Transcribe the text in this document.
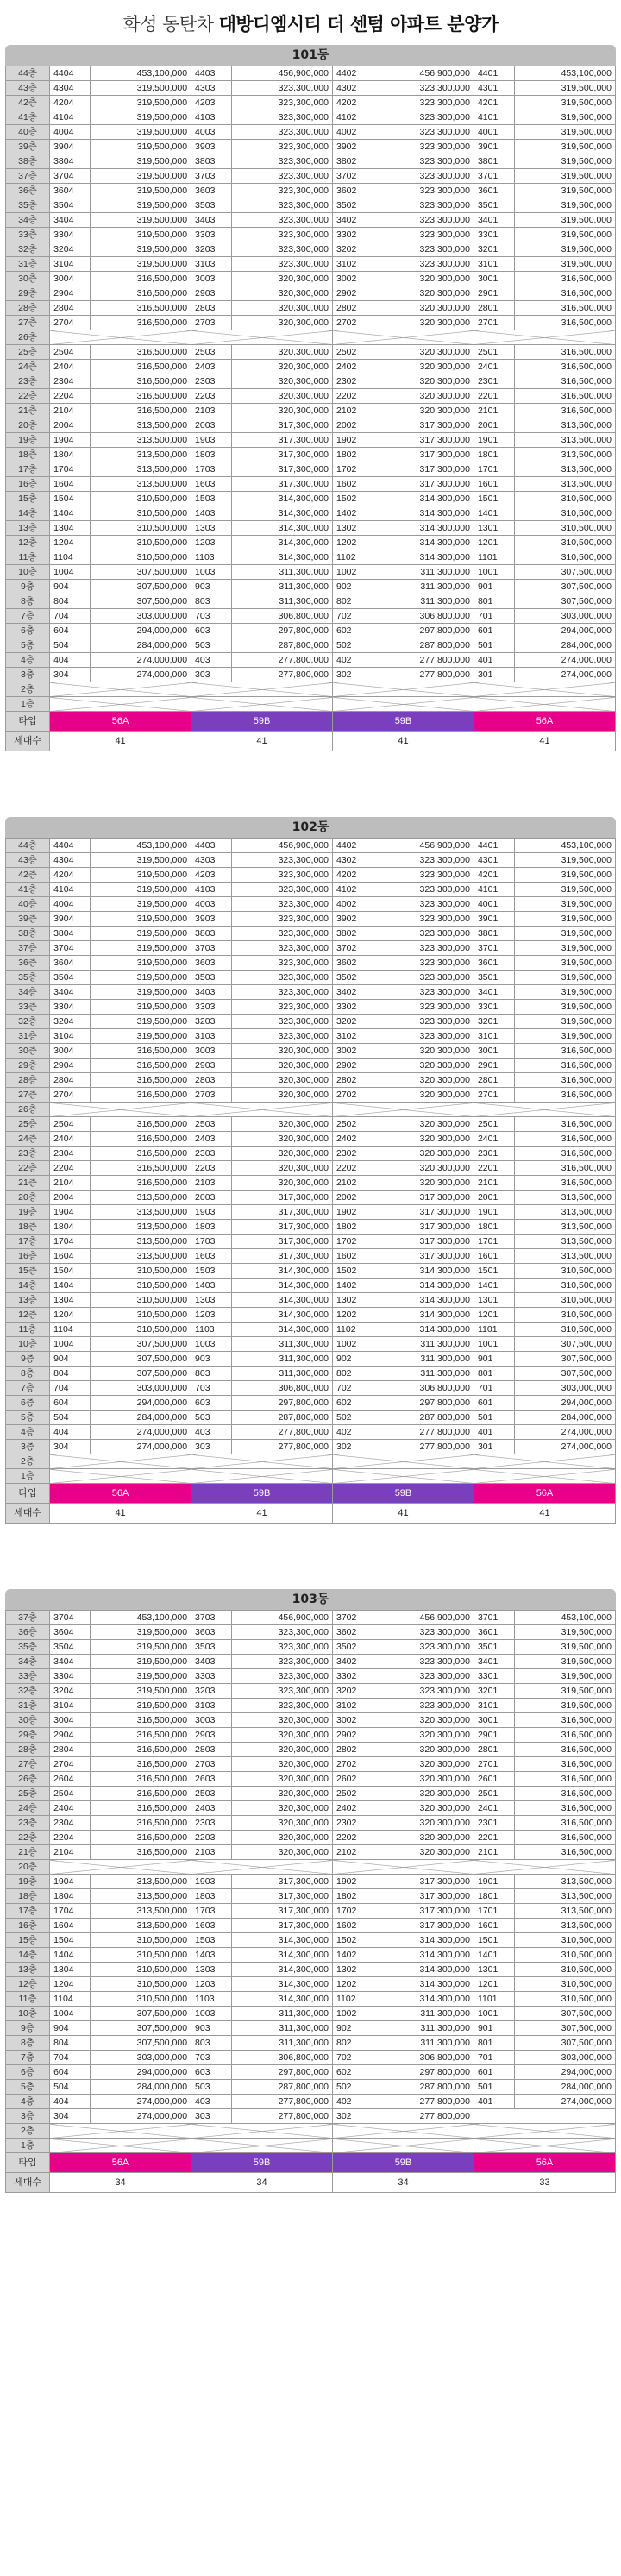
화성 동탄차 대방디엠시티 더 센텀 아파트 분양가
101동
44층	4404	453,100,000	4403	456,900,000	4402	456,900,000	4401	453,100,000
43층	4304	319,500,000	4303	323,300,000	4302	323,300,000	4301	319,500,000
42층	4204	319,500,000	4203	323,300,000	4202	323,300,000	4201	319,500,000
41층	4104	319,500,000	4103	323,300,000	4102	323,300,000	4101	319,500,000
40층	4004	319,500,000	4003	323,300,000	4002	323,300,000	4001	319,500,000
39층	3904	319,500,000	3903	323,300,000	3902	323,300,000	3901	319,500,000
38층	3804	319,500,000	3803	323,300,000	3802	323,300,000	3801	319,500,000
37층	3704	319,500,000	3703	323,300,000	3702	323,300,000	3701	319,500,000
36층	3604	319,500,000	3603	323,300,000	3602	323,300,000	3601	319,500,000
35층	3504	319,500,000	3503	323,300,000	3502	323,300,000	3501	319,500,000
34층	3404	319,500,000	3403	323,300,000	3402	323,300,000	3401	319,500,000
33층	3304	319,500,000	3303	323,300,000	3302	323,300,000	3301	319,500,000
32층	3204	319,500,000	3203	323,300,000	3202	323,300,000	3201	319,500,000
31층	3104	319,500,000	3103	323,300,000	3102	323,300,000	3101	319,500,000
30층	3004	316,500,000	3003	320,300,000	3002	320,300,000	3001	316,500,000
29층	2904	316,500,000	2903	320,300,000	2902	320,300,000	2901	316,500,000
28층	2804	316,500,000	2803	320,300,000	2802	320,300,000	2801	316,500,000
27층	2704	316,500,000	2703	320,300,000	2702	320,300,000	2701	316,500,000
26층								
25층	2504	316,500,000	2503	320,300,000	2502	320,300,000	2501	316,500,000
24층	2404	316,500,000	2403	320,300,000	2402	320,300,000	2401	316,500,000
23층	2304	316,500,000	2303	320,300,000	2302	320,300,000	2301	316,500,000
22층	2204	316,500,000	2203	320,300,000	2202	320,300,000	2201	316,500,000
21층	2104	316,500,000	2103	320,300,000	2102	320,300,000	2101	316,500,000
20층	2004	313,500,000	2003	317,300,000	2002	317,300,000	2001	313,500,000
19층	1904	313,500,000	1903	317,300,000	1902	317,300,000	1901	313,500,000
18층	1804	313,500,000	1803	317,300,000	1802	317,300,000	1801	313,500,000
17층	1704	313,500,000	1703	317,300,000	1702	317,300,000	1701	313,500,000
16층	1604	313,500,000	1603	317,300,000	1602	317,300,000	1601	313,500,000
15층	1504	310,500,000	1503	314,300,000	1502	314,300,000	1501	310,500,000
14층	1404	310,500,000	1403	314,300,000	1402	314,300,000	1401	310,500,000
13층	1304	310,500,000	1303	314,300,000	1302	314,300,000	1301	310,500,000
12층	1204	310,500,000	1203	314,300,000	1202	314,300,000	1201	310,500,000
11층	1104	310,500,000	1103	314,300,000	1102	314,300,000	1101	310,500,000
10층	1004	307,500,000	1003	311,300,000	1002	311,300,000	1001	307,500,000
9층	904	307,500,000	903	311,300,000	902	311,300,000	901	307,500,000
8층	804	307,500,000	803	311,300,000	802	311,300,000	801	307,500,000
7층	704	303,000,000	703	306,800,000	702	306,800,000	701	303,000,000
6층	604	294,000,000	603	297,800,000	602	297,800,000	601	294,000,000
5층	504	284,000,000	503	287,800,000	502	287,800,000	501	284,000,000
4층	404	274,000,000	403	277,800,000	402	277,800,000	401	274,000,000
3층	304	274,000,000	303	277,800,000	302	277,800,000	301	274,000,000
2층								
1층								
타입	56A		59B		59B		56A	
세대수	41		41		41		41	
102동
44층	4404	453,100,000	4403	456,900,000	4402	456,900,000	4401	453,100,000
43층	4304	319,500,000	4303	323,300,000	4302	323,300,000	4301	319,500,000
42층	4204	319,500,000	4203	323,300,000	4202	323,300,000	4201	319,500,000
41층	4104	319,500,000	4103	323,300,000	4102	323,300,000	4101	319,500,000
40층	4004	319,500,000	4003	323,300,000	4002	323,300,000	4001	319,500,000
39층	3904	319,500,000	3903	323,300,000	3902	323,300,000	3901	319,500,000
38층	3804	319,500,000	3803	323,300,000	3802	323,300,000	3801	319,500,000
37층	3704	319,500,000	3703	323,300,000	3702	323,300,000	3701	319,500,000
36층	3604	319,500,000	3603	323,300,000	3602	323,300,000	3601	319,500,000
35층	3504	319,500,000	3503	323,300,000	3502	323,300,000	3501	319,500,000
34층	3404	319,500,000	3403	323,300,000	3402	323,300,000	3401	319,500,000
33층	3304	319,500,000	3303	323,300,000	3302	323,300,000	3301	319,500,000
32층	3204	319,500,000	3203	323,300,000	3202	323,300,000	3201	319,500,000
31층	3104	319,500,000	3103	323,300,000	3102	323,300,000	3101	319,500,000
30층	3004	316,500,000	3003	320,300,000	3002	320,300,000	3001	316,500,000
29층	2904	316,500,000	2903	320,300,000	2902	320,300,000	2901	316,500,000
28층	2804	316,500,000	2803	320,300,000	2802	320,300,000	2801	316,500,000
27층	2704	316,500,000	2703	320,300,000	2702	320,300,000	2701	316,500,000
26층								
25층	2504	316,500,000	2503	320,300,000	2502	320,300,000	2501	316,500,000
24층	2404	316,500,000	2403	320,300,000	2402	320,300,000	2401	316,500,000
23층	2304	316,500,000	2303	320,300,000	2302	320,300,000	2301	316,500,000
22층	2204	316,500,000	2203	320,300,000	2202	320,300,000	2201	316,500,000
21층	2104	316,500,000	2103	320,300,000	2102	320,300,000	2101	316,500,000
20층	2004	313,500,000	2003	317,300,000	2002	317,300,000	2001	313,500,000
19층	1904	313,500,000	1903	317,300,000	1902	317,300,000	1901	313,500,000
18층	1804	313,500,000	1803	317,300,000	1802	317,300,000	1801	313,500,000
17층	1704	313,500,000	1703	317,300,000	1702	317,300,000	1701	313,500,000
16층	1604	313,500,000	1603	317,300,000	1602	317,300,000	1601	313,500,000
15층	1504	310,500,000	1503	314,300,000	1502	314,300,000	1501	310,500,000
14층	1404	310,500,000	1403	314,300,000	1402	314,300,000	1401	310,500,000
13층	1304	310,500,000	1303	314,300,000	1302	314,300,000	1301	310,500,000
12층	1204	310,500,000	1203	314,300,000	1202	314,300,000	1201	310,500,000
11층	1104	310,500,000	1103	314,300,000	1102	314,300,000	1101	310,500,000
10층	1004	307,500,000	1003	311,300,000	1002	311,300,000	1001	307,500,000
9층	904	307,500,000	903	311,300,000	902	311,300,000	901	307,500,000
8층	804	307,500,000	803	311,300,000	802	311,300,000	801	307,500,000
7층	704	303,000,000	703	306,800,000	702	306,800,000	701	303,000,000
6층	604	294,000,000	603	297,800,000	602	297,800,000	601	294,000,000
5층	504	284,000,000	503	287,800,000	502	287,800,000	501	284,000,000
4층	404	274,000,000	403	277,800,000	402	277,800,000	401	274,000,000
3층	304	274,000,000	303	277,800,000	302	277,800,000	301	274,000,000
2층								
1층								
타입	56A		59B		59B		56A	
세대수	41		41		41		41	
103동
37층	3704	453,100,000	3703	456,900,000	3702	456,900,000	3701	453,100,000
36층	3604	319,500,000	3603	323,300,000	3602	323,300,000	3601	319,500,000
35층	3504	319,500,000	3503	323,300,000	3502	323,300,000	3501	319,500,000
34층	3404	319,500,000	3403	323,300,000	3402	323,300,000	3401	319,500,000
33층	3304	319,500,000	3303	323,300,000	3302	323,300,000	3301	319,500,000
32층	3204	319,500,000	3203	323,300,000	3202	323,300,000	3201	319,500,000
31층	3104	319,500,000	3103	323,300,000	3102	323,300,000	3101	319,500,000
30층	3004	316,500,000	3003	320,300,000	3002	320,300,000	3001	316,500,000
29층	2904	316,500,000	2903	320,300,000	2902	320,300,000	2901	316,500,000
28층	2804	316,500,000	2803	320,300,000	2802	320,300,000	2801	316,500,000
27층	2704	316,500,000	2703	320,300,000	2702	320,300,000	2701	316,500,000
26층	2604	316,500,000	2603	320,300,000	2602	320,300,000	2601	316,500,000
25층	2504	316,500,000	2503	320,300,000	2502	320,300,000	2501	316,500,000
24층	2404	316,500,000	2403	320,300,000	2402	320,300,000	2401	316,500,000
23층	2304	316,500,000	2303	320,300,000	2302	320,300,000	2301	316,500,000
22층	2204	316,500,000	2203	320,300,000	2202	320,300,000	2201	316,500,000
21층	2104	316,500,000	2103	320,300,000	2102	320,300,000	2101	316,500,000
20층								
19층	1904	313,500,000	1903	317,300,000	1902	317,300,000	1901	313,500,000
18층	1804	313,500,000	1803	317,300,000	1802	317,300,000	1801	313,500,000
17층	1704	313,500,000	1703	317,300,000	1702	317,300,000	1701	313,500,000
16층	1604	313,500,000	1603	317,300,000	1602	317,300,000	1601	313,500,000
15층	1504	310,500,000	1503	314,300,000	1502	314,300,000	1501	310,500,000
14층	1404	310,500,000	1403	314,300,000	1402	314,300,000	1401	310,500,000
13층	1304	310,500,000	1303	314,300,000	1302	314,300,000	1301	310,500,000
12층	1204	310,500,000	1203	314,300,000	1202	314,300,000	1201	310,500,000
11층	1104	310,500,000	1103	314,300,000	1102	314,300,000	1101	310,500,000
10층	1004	307,500,000	1003	311,300,000	1002	311,300,000	1001	307,500,000
9층	904	307,500,000	903	311,300,000	902	311,300,000	901	307,500,000
8층	804	307,500,000	803	311,300,000	802	311,300,000	801	307,500,000
7층	704	303,000,000	703	306,800,000	702	306,800,000	701	303,000,000
6층	604	294,000,000	603	297,800,000	602	297,800,000	601	294,000,000
5층	504	284,000,000	503	287,800,000	502	287,800,000	501	284,000,000
4층	404	274,000,000	403	277,800,000	402	277,800,000	401	274,000,000
3층	304	274,000,000	303	277,800,000	302	277,800,000		
2층								
1층								
타입	56A		59B		59B		56A	
세대수	34		34		34		33	
